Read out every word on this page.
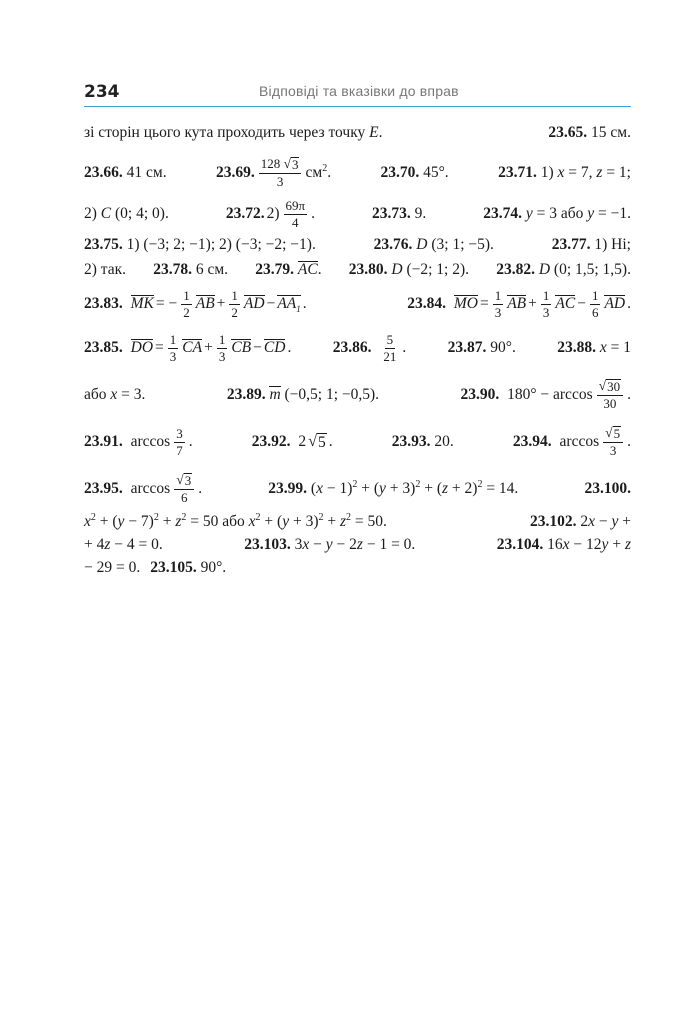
234	Відповіді та вказівки до вправ
зі сторін цього кута проходить через точку E.	23.65. 15 см.
23.66. 41 см.	23.69. $\frac{128 √ 3}{3} см^2$.	23.70. 45°.	23.71. 1) x = 7, z = 1;
2) C (0; 4; 0).	23.72. $2) \frac{69\pi}{4}$ .	23.73. 9.	23.74. y = 3 або y = −1.
23.75. 1) (−3; 2; −1); 2) (−3; −2; −1).	23.76. D (3; 1; −5).	23.77. 1) Ні;
2) так. 23.78. 6 см. 23.79. AC. 23.80. D (−2; 1; 2). 23.82. D (0; 1,5; 1,5).
23.83.
MK = − $\frac{1}{2}$ AB + $\frac{1}{2}$ AD − $AA_1$ .	23.84.
MO = $\frac{1}{3}$ AB + $\frac{1}{3}$ AC − $\frac{1}{6}$ AD .
23.85.
DO = $\frac{1}{3}$ CA + $\frac{1}{3}$ CB − CD .	23.86.
$\frac{5}{21}$ .	23.87. 90°.	23.88. x = 1
або x = 3.	23.89. m (−0,5; 1; −0,5).	23.90.
$180^\circ - \arccos \frac{√ 30}{30}$ .
23.91.
$\arccos \frac{3}{7}$ .	23.92.
2 √ 5 .	23.93. 20.	23.94.
$\arccos \frac{√ 5}{3}$ .
23.95.
$\arccos \frac{√ 3}{6}$ .	23.99. $(x - 1)^2 + (y + 3)^2 + (z + 2)^2 = 14$.	23.100.
$x^2 + (y - 7)^2 + z^2 = 50$ або $x^2 + (y + 3)^2 + z^2 = 50$.	23.102. 2x − y +
+ 4z − 4 = 0.	23.103. 3x − y − 2z − 1 = 0.	23.104. 16x − 12y + z
− 29 = 0. 23.105. 90°.
